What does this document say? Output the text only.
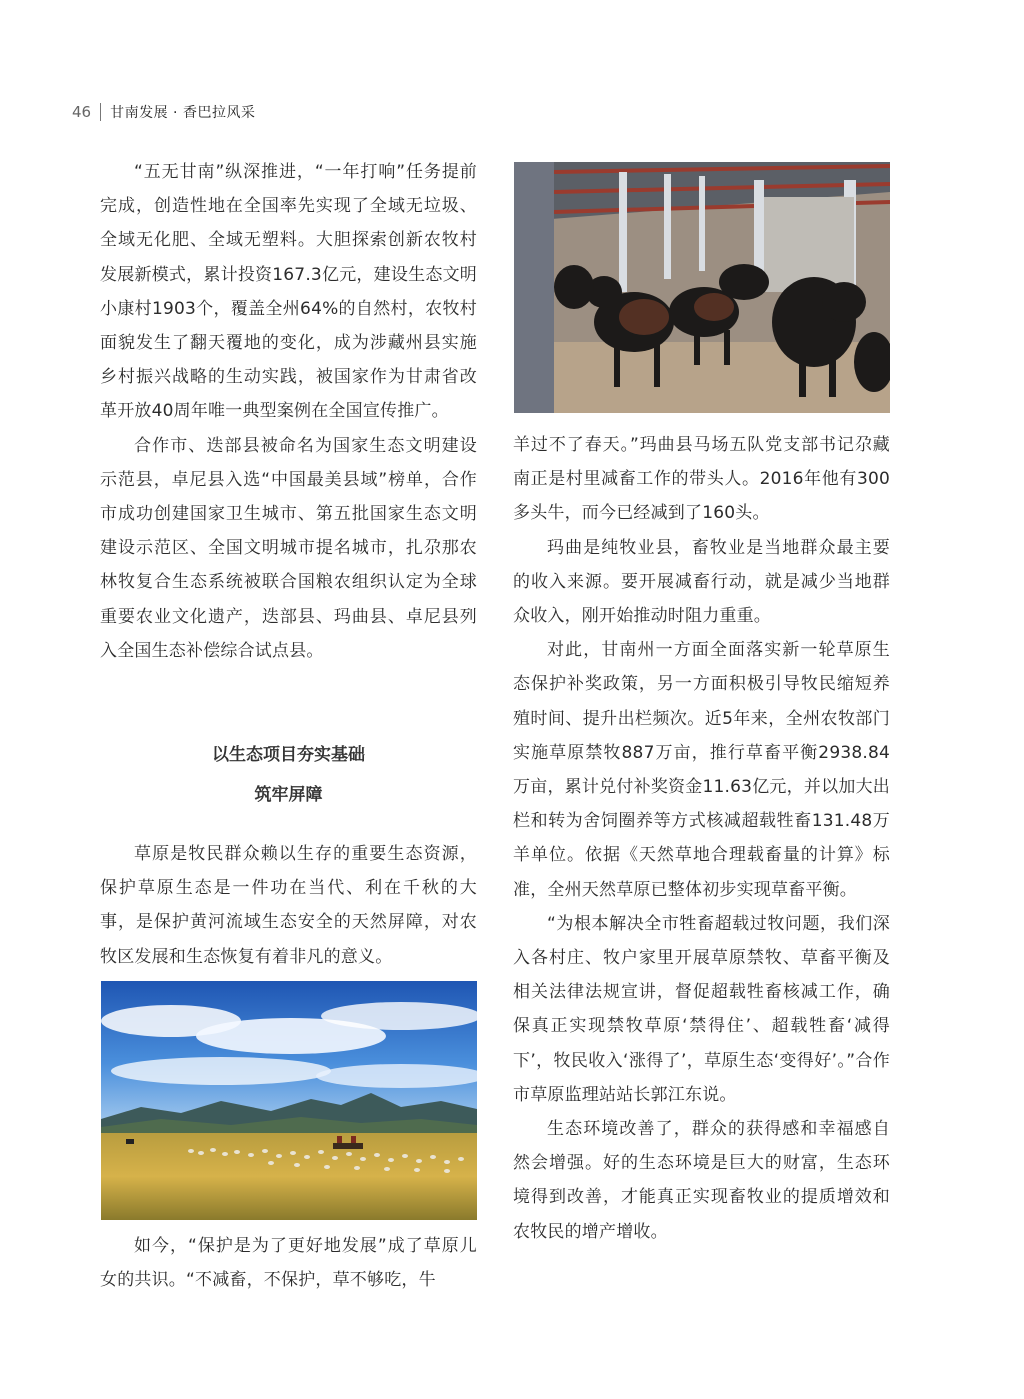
46 甘南发展 · 香巴拉风采

“五无甘南”纵深推进，“一年打响”任务提前完成，创造性地在全国率先实现了全域无垃圾、全域无化肥、全域无塑料。大胆探索创新农牧村发展新模式，累计投资167.3亿元，建设生态文明小康村1903个，覆盖全州64%的自然村，农牧村面貌发生了翻天覆地的变化，成为涉藏州县实施乡村振兴战略的生动实践，被国家作为甘肃省改革开放40周年唯一典型案例在全国宣传推广。

合作市、迭部县被命名为国家生态文明建设示范县，卓尼县入选“中国最美县域”榜单，合作市成功创建国家卫生城市、第五批国家生态文明建设示范区、全国文明城市提名城市，扎尕那农林牧复合生态系统被联合国粮农组织认定为全球重要农业文化遗产，迭部县、玛曲县、卓尼县列入全国生态补偿综合试点县。

以生态项目夯实基础
筑牢屏障

草原是牧民群众赖以生存的重要生态资源，保护草原生态是一件功在当代、利在千秋的大事，是保护黄河流域生态安全的天然屏障，对农牧区发展和生态恢复有着非凡的意义。

如今，“保护是为了更好地发展”成了草原儿女的共识。“不减畜，不保护，草不够吃，牛

羊过不了春天。”玛曲县马场五队党支部书记尕藏南正是村里减畜工作的带头人。2016年他有300多头牛，而今已经减到了160头。

玛曲是纯牧业县，畜牧业是当地群众最主要的收入来源。要开展减畜行动，就是减少当地群众收入，刚开始推动时阻力重重。

对此，甘南州一方面全面落实新一轮草原生态保护补奖政策，另一方面积极引导牧民缩短养殖时间、提升出栏频次。近5年来，全州农牧部门实施草原禁牧887万亩，推行草畜平衡2938.84万亩，累计兑付补奖资金11.63亿元，并以加大出栏和转为舍饲圈养等方式核减超载牲畜131.48万羊单位。依据《天然草地合理载畜量的计算》标准，全州天然草原已整体初步实现草畜平衡。

“为根本解决全市牲畜超载过牧问题，我们深入各村庄、牧户家里开展草原禁牧、草畜平衡及相关法律法规宣讲，督促超载牲畜核减工作，确保真正实现禁牧草原‘禁得住’、超载牲畜‘减得下’，牧民收入‘涨得了’，草原生态‘变得好’。”合作市草原监理站站长郭江东说。

生态环境改善了，群众的获得感和幸福感自然会增强。好的生态环境是巨大的财富，生态环境得到改善，才能真正实现畜牧业的提质增效和农牧民的增产增收。
